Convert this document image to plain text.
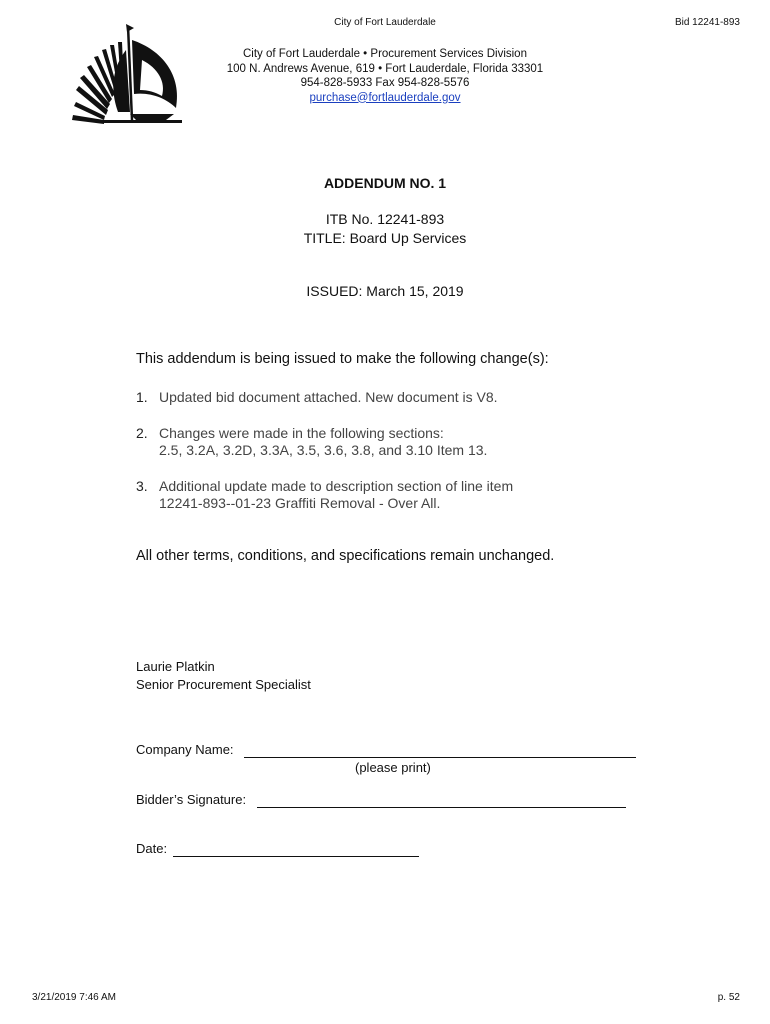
City of Fort Lauderdale	Bid 12241-893
City of Fort Lauderdale • Procurement Services Division
100 N. Andrews Avenue, 619 • Fort Lauderdale, Florida 33301
954-828-5933 Fax 954-828-5576
purchase@fortlauderdale.gov
ADDENDUM NO. 1
ITB No. 12241-893
TITLE: Board Up Services
ISSUED: March 15, 2019
This addendum is being issued to make the following change(s):
1. Updated bid document attached. New document is V8.
2. Changes were made in the following sections:
2.5, 3.2A, 3.2D, 3.3A, 3.5, 3.6, 3.8, and 3.10 Item 13.
3. Additional update made to description section of line item
12241-893--01-23 Graffiti Removal - Over All.
All other terms, conditions, and specifications remain unchanged.
Laurie Platkin
Senior Procurement Specialist
Company Name:
(please print)
Bidder’s Signature:
Date:
3/21/2019 7:46 AM	p. 52
